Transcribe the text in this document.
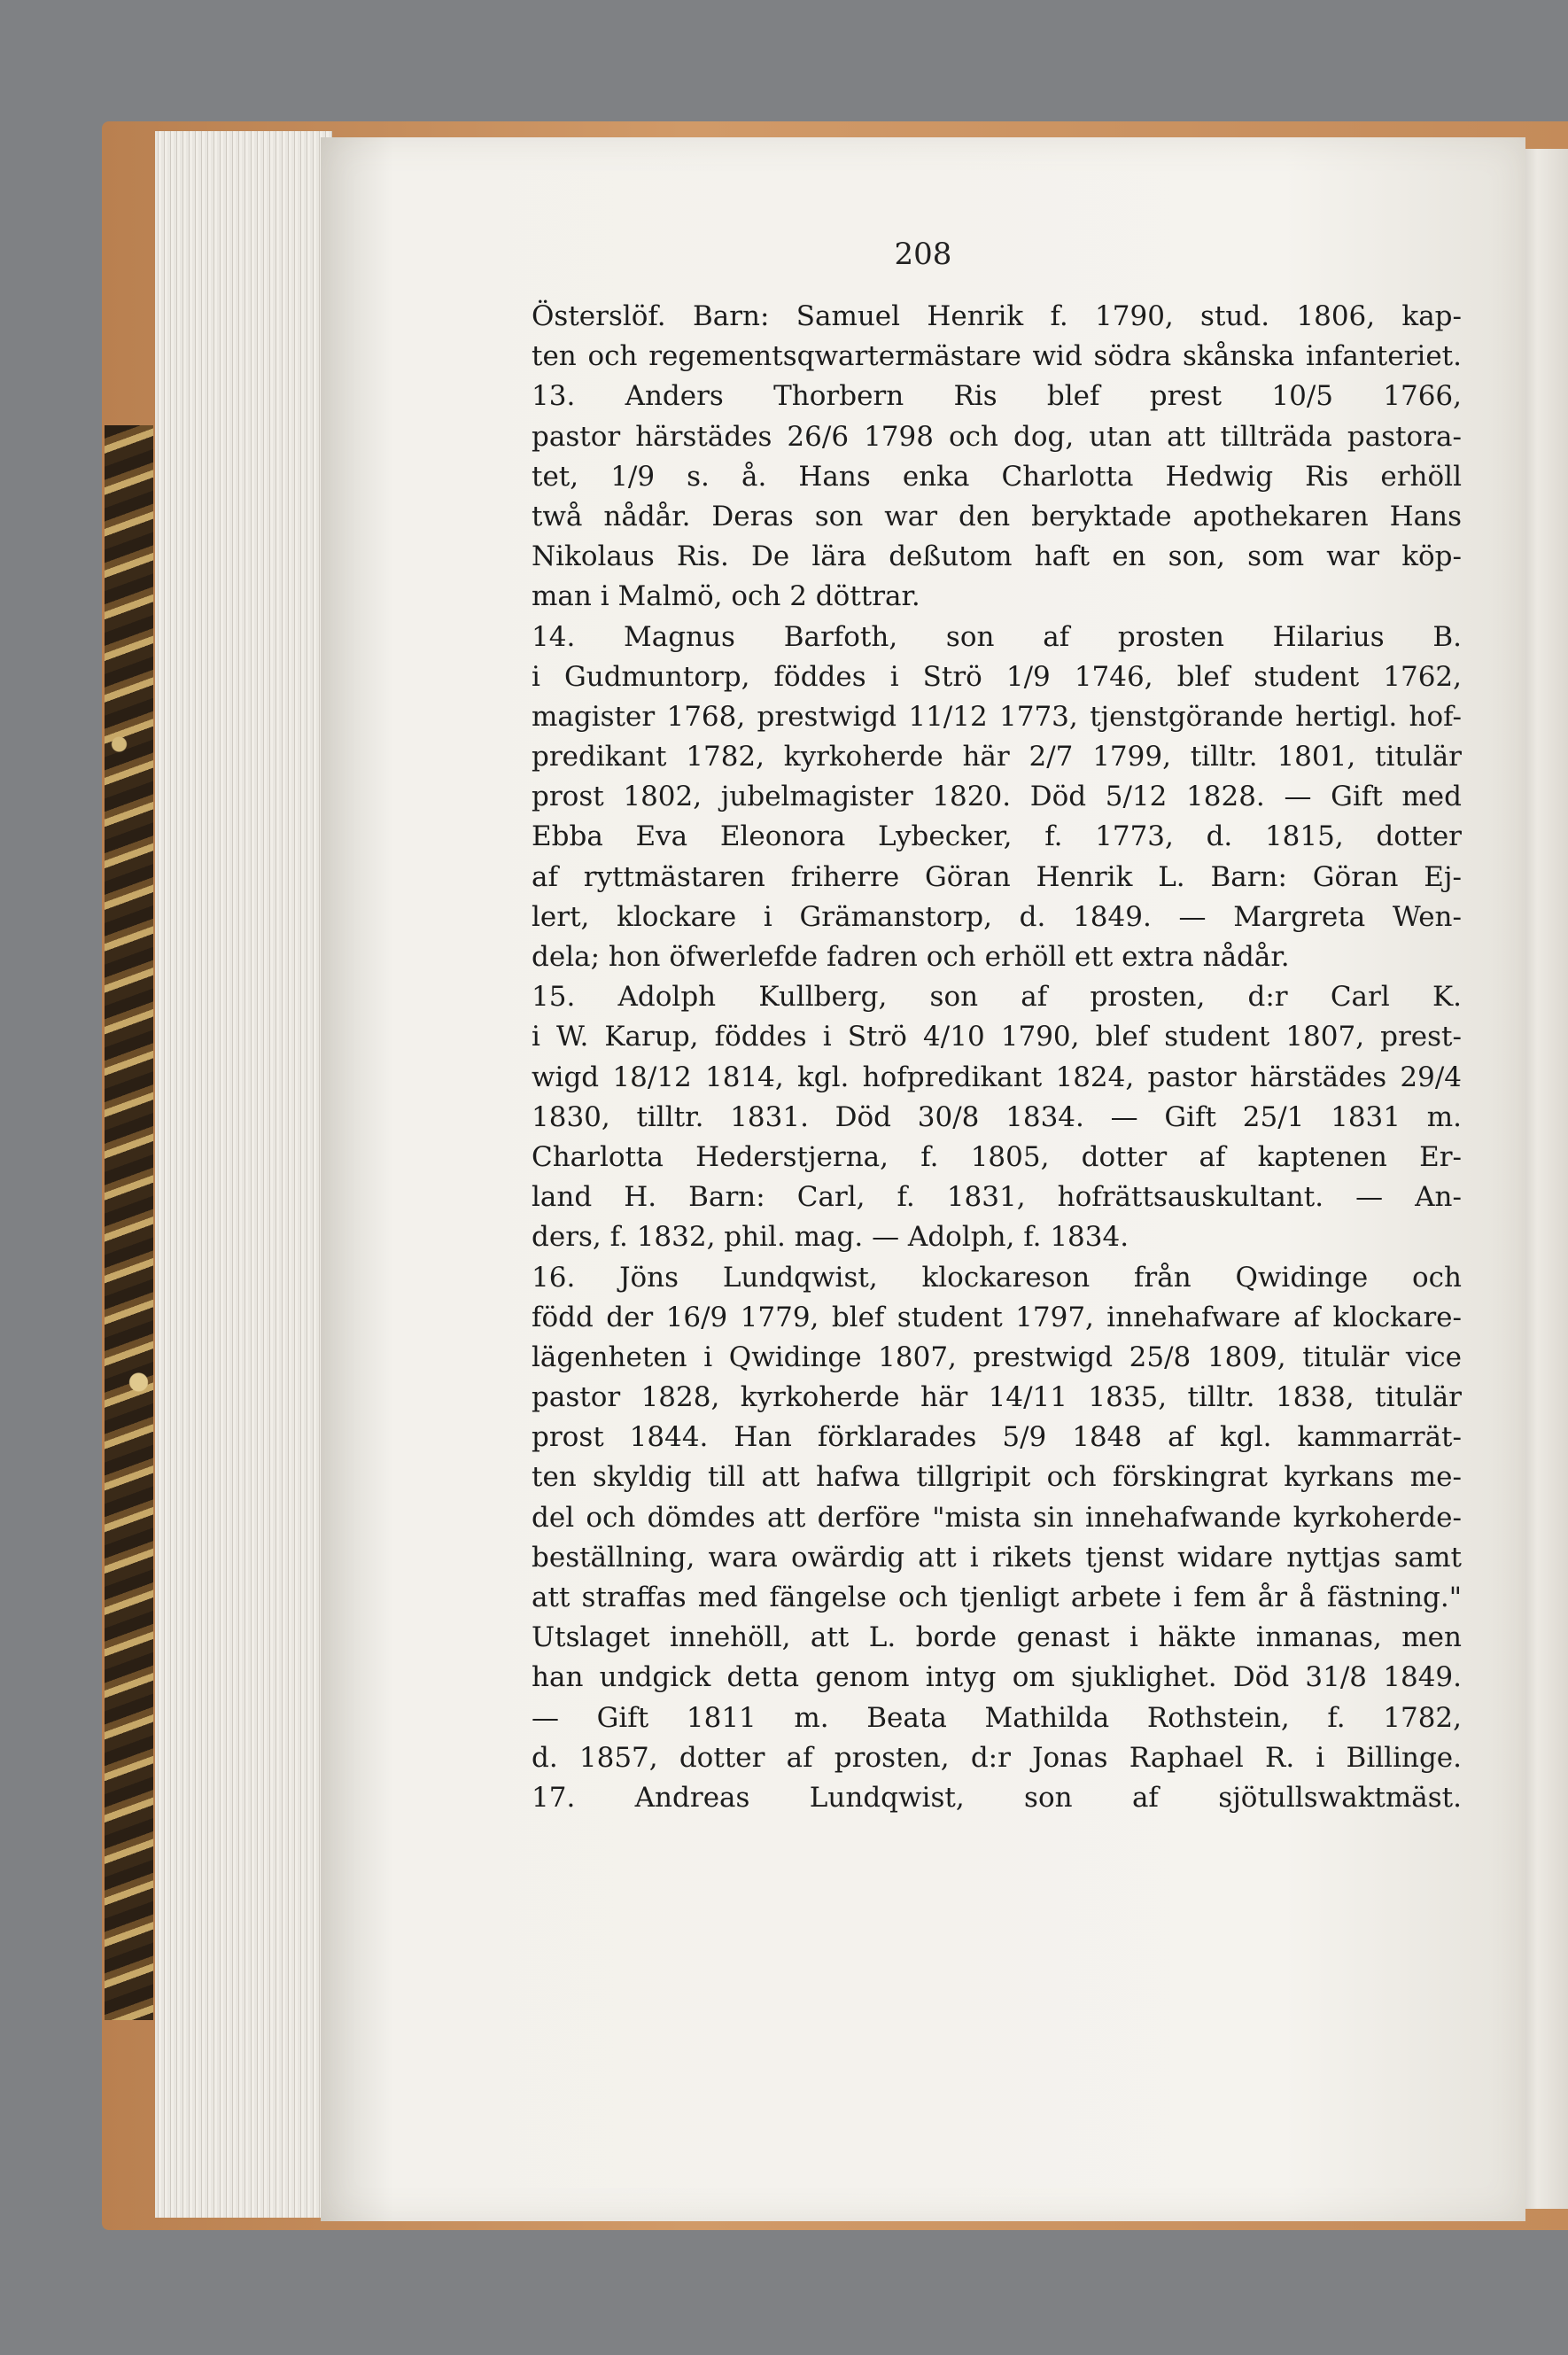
208
Österslöf. Barn: Samuel Henrik f. 1790, stud. 1806, kap-
ten och regementsqwartermästare wid södra skånska infanteriet.
13. Anders Thorbern Ris blef prest 10/5 1766,
pastor härstädes 26/6 1798 och dog, utan att tillträda pastora-
tet, 1/9 s. å. Hans enka Charlotta Hedwig Ris erhöll
twå nådår. Deras son war den beryktade apothekaren Hans
Nikolaus Ris. De lära deßutom haft en son, som war köp-
man i Malmö, och 2 döttrar.
14. Magnus Barfoth, son af prosten Hilarius B.
i Gudmuntorp, föddes i Strö 1/9 1746, blef student 1762,
magister 1768, prestwigd 11/12 1773, tjenstgörande hertigl. hof-
predikant 1782, kyrkoherde här 2/7 1799, tilltr. 1801, titulär
prost 1802, jubelmagister 1820. Död 5/12 1828. — Gift med
Ebba Eva Eleonora Lybecker, f. 1773, d. 1815, dotter
af ryttmästaren friherre Göran Henrik L. Barn: Göran Ej-
lert, klockare i Grämanstorp, d. 1849. — Margreta Wen-
dela; hon öfwerlefde fadren och erhöll ett extra nådår.
15. Adolph Kullberg, son af prosten, d:r Carl K.
i W. Karup, föddes i Strö 4/10 1790, blef student 1807, prest-
wigd 18/12 1814, kgl. hofpredikant 1824, pastor härstädes 29/4
1830, tilltr. 1831. Död 30/8 1834. — Gift 25/1 1831 m.
Charlotta Hederstjerna, f. 1805, dotter af kaptenen Er-
land H. Barn: Carl, f. 1831, hofrättsauskultant. — An-
ders, f. 1832, phil. mag. — Adolph, f. 1834.
16. Jöns Lundqwist, klockareson från Qwidinge och
född der 16/9 1779, blef student 1797, innehafware af klockare-
lägenheten i Qwidinge 1807, prestwigd 25/8 1809, titulär vice
pastor 1828, kyrkoherde här 14/11 1835, tilltr. 1838, titulär
prost 1844. Han förklarades 5/9 1848 af kgl. kammarrät-
ten skyldig till att hafwa tillgripit och förskingrat kyrkans me-
del och dömdes att derföre "mista sin innehafwande kyrkoherde-
beställning, wara owärdig att i rikets tjenst widare nyttjas samt
att straffas med fängelse och tjenligt arbete i fem år å fästning."
Utslaget innehöll, att L. borde genast i häkte inmanas, men
han undgick detta genom intyg om sjuklighet. Död 31/8 1849.
— Gift 1811 m. Beata Mathilda Rothstein, f. 1782,
d. 1857, dotter af prosten, d:r Jonas Raphael R. i Billinge.
17. Andreas Lundqwist, son af sjötullswaktmäst.
